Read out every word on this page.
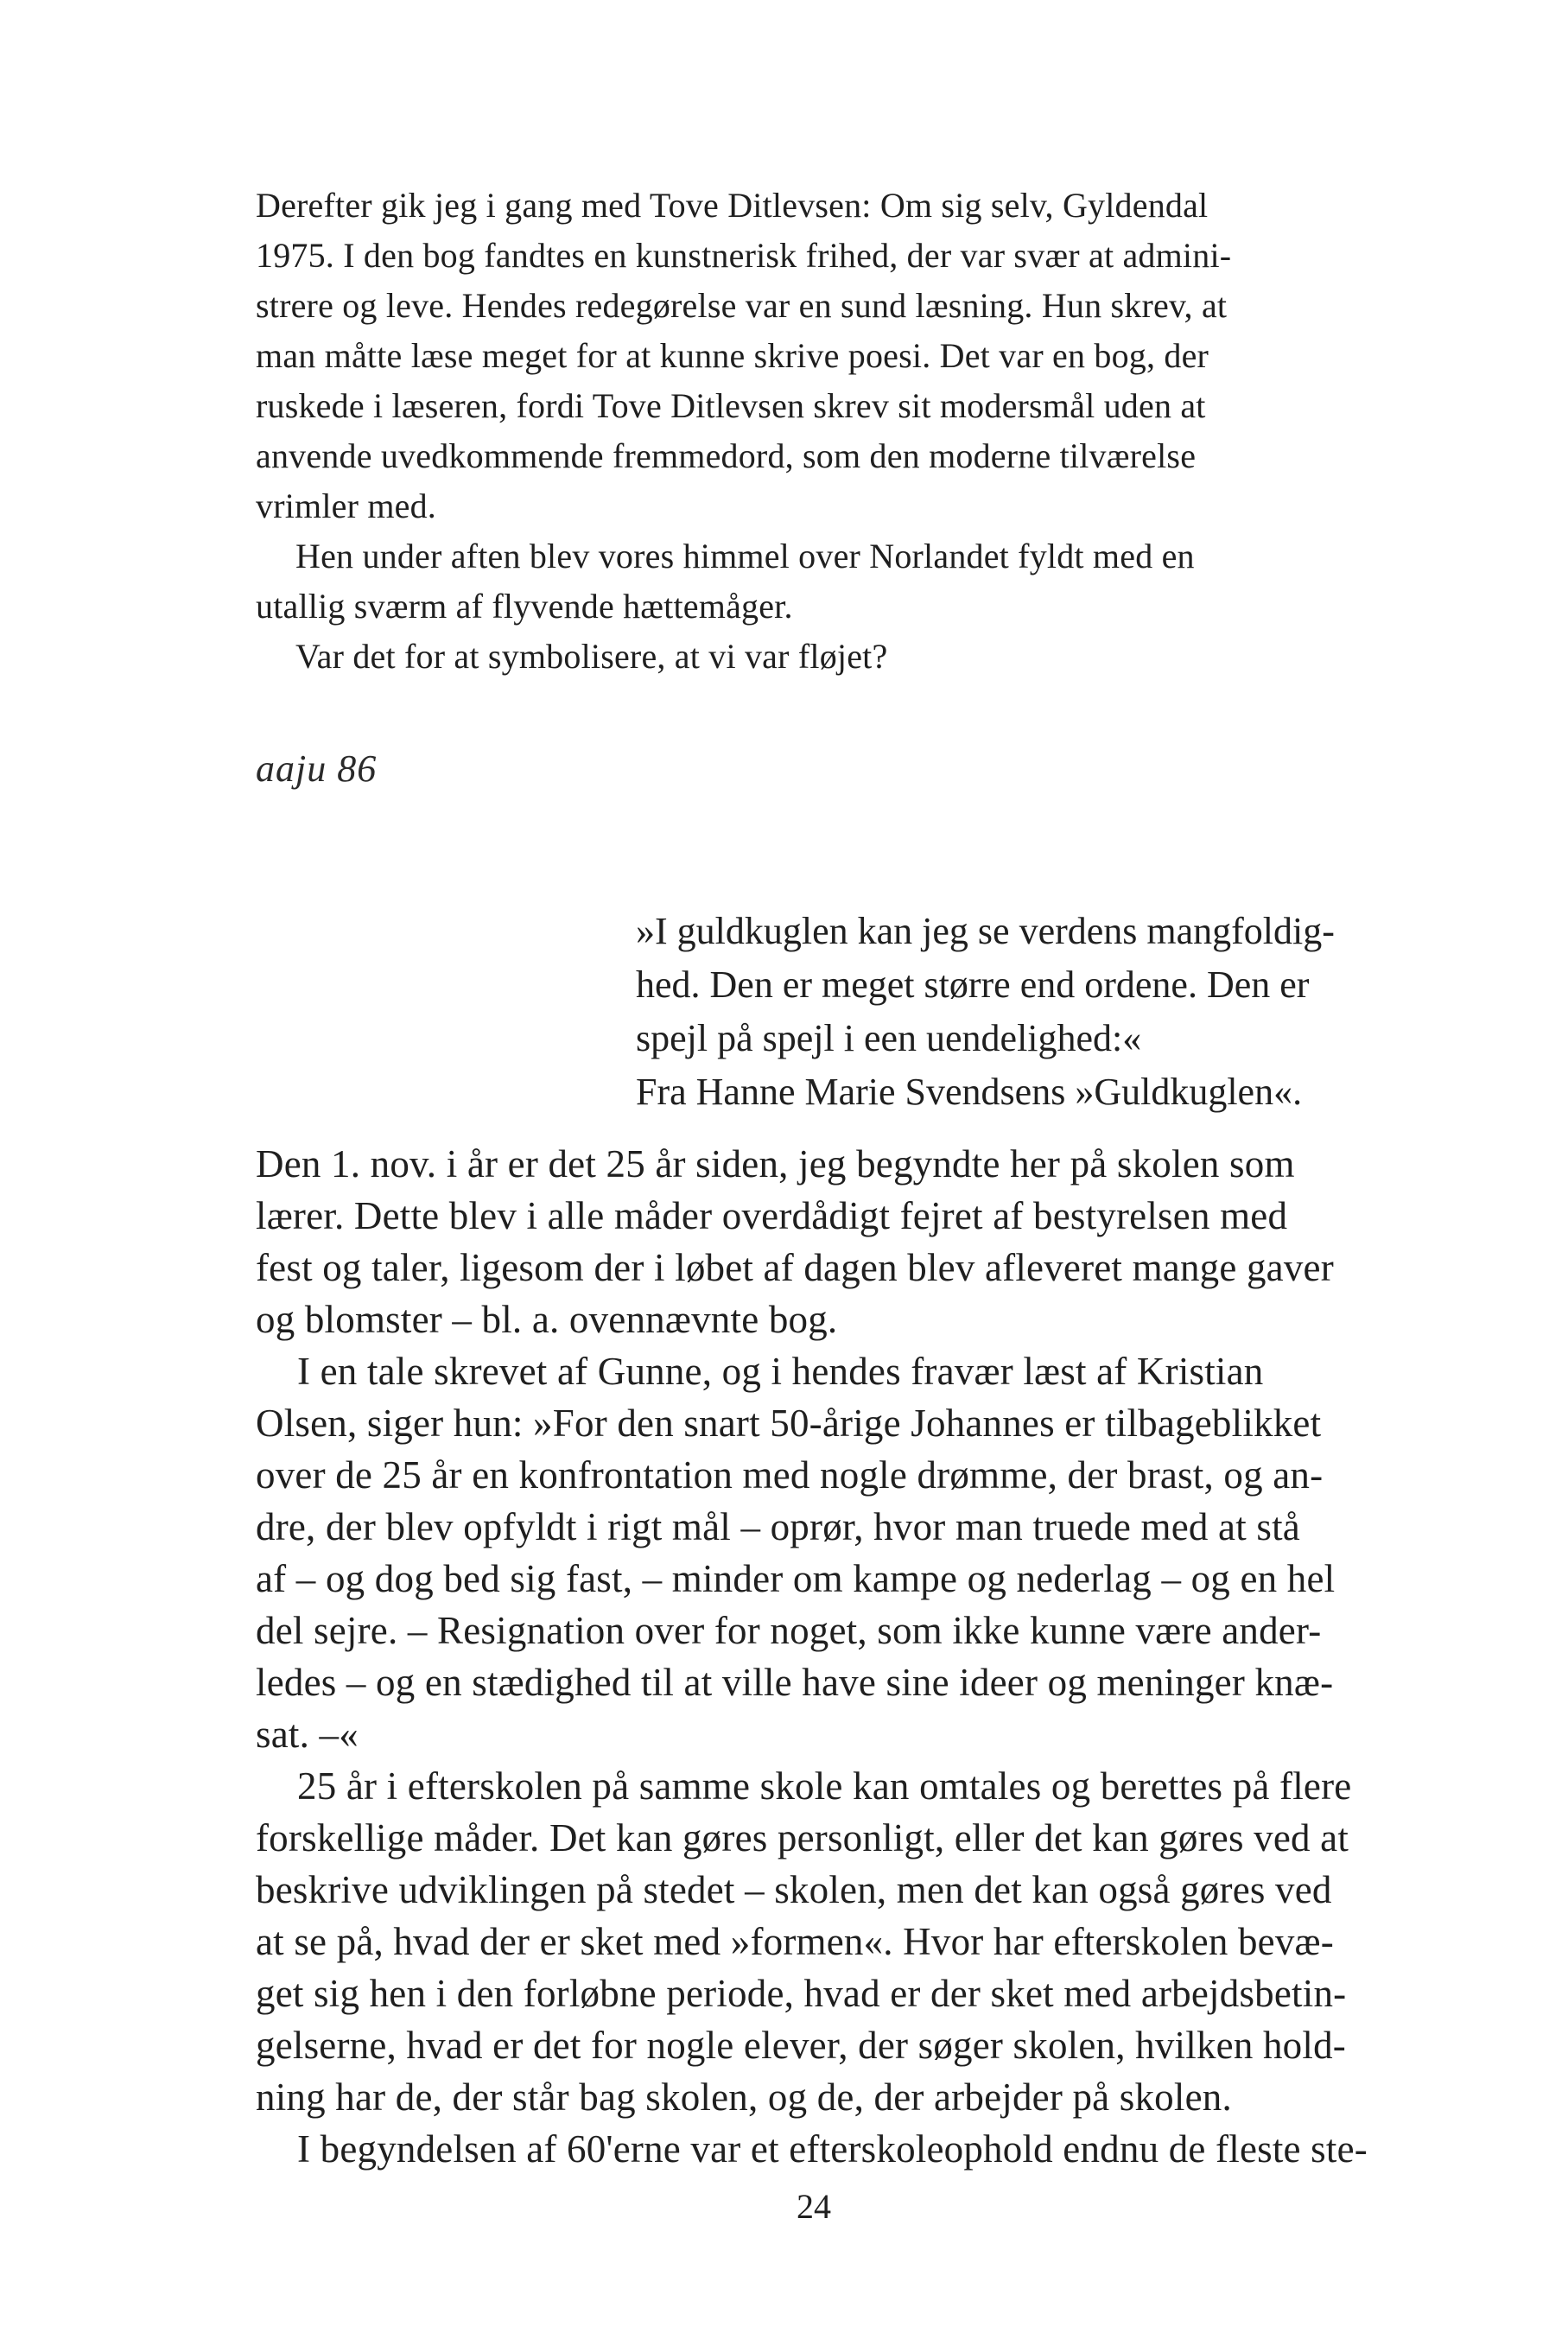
Derefter gik jeg i gang med Tove Ditlevsen: Om sig selv, Gyldendal
1975. I den bog fandtes en kunstnerisk frihed, der var svær at admini-
strere og leve. Hendes redegørelse var en sund læsning. Hun skrev, at
man måtte læse meget for at kunne skrive poesi. Det var en bog, der
ruskede i læseren, fordi Tove Ditlevsen skrev sit modersmål uden at
anvende uvedkommende fremmedord, som den moderne tilværelse
vrimler med.
Hen under aften blev vores himmel over Norlandet fyldt med en
utallig sværm af flyvende hættemåger.
Var det for at symbolisere, at vi var fløjet?
aaju 86
»I guldkuglen kan jeg se verdens mangfoldig-
hed. Den er meget større end ordene. Den er
spejl på spejl i een uendelighed:«
Fra Hanne Marie Svendsens »Guldkuglen«.
Den 1. nov. i år er det 25 år siden, jeg begyndte her på skolen som
lærer. Dette blev i alle måder overdådigt fejret af bestyrelsen med
fest og taler, ligesom der i løbet af dagen blev afleveret mange gaver
og blomster – bl. a. ovennævnte bog.
I en tale skrevet af Gunne, og i hendes fravær læst af Kristian
Olsen, siger hun: »For den snart 50-årige Johannes er tilbageblikket
over de 25 år en konfrontation med nogle drømme, der brast, og an-
dre, der blev opfyldt i rigt mål – oprør, hvor man truede med at stå
af – og dog bed sig fast, – minder om kampe og nederlag – og en hel
del sejre. – Resignation over for noget, som ikke kunne være ander-
ledes – og en stædighed til at ville have sine ideer og meninger knæ-
sat. –«
25 år i efterskolen på samme skole kan omtales og berettes på flere
forskellige måder. Det kan gøres personligt, eller det kan gøres ved at
beskrive udviklingen på stedet – skolen, men det kan også gøres ved
at se på, hvad der er sket med »formen«. Hvor har efterskolen bevæ-
get sig hen i den forløbne periode, hvad er der sket med arbejdsbetin-
gelserne, hvad er det for nogle elever, der søger skolen, hvilken hold-
ning har de, der står bag skolen, og de, der arbejder på skolen.
I begyndelsen af 60'erne var et efterskoleophold endnu de fleste ste-
24
